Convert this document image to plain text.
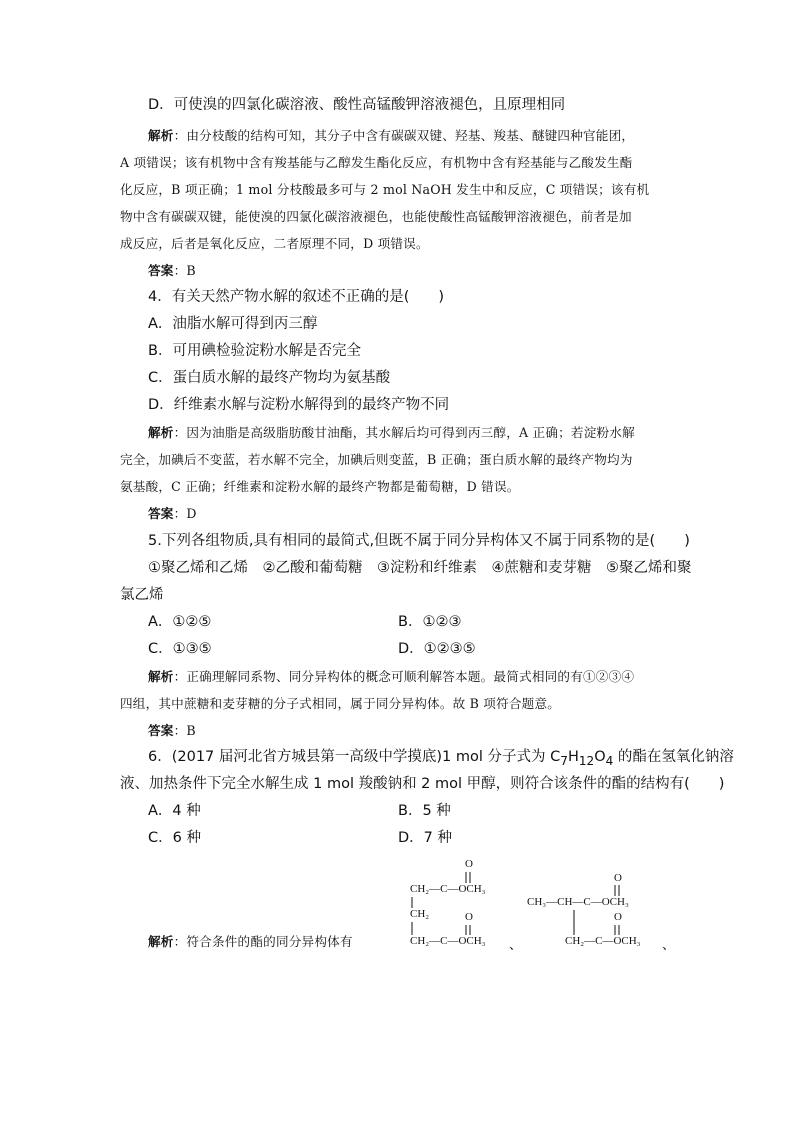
D．可使溴的四氯化碳溶液、酸性高锰酸钾溶液褪色，且原理相同
解析：由分枝酸的结构可知，其分子中含有碳碳双键、羟基、羧基、醚键四种官能团，
A 项错误；该有机物中含有羧基能与乙醇发生酯化反应，有机物中含有羟基能与乙酸发生酯
化反应，B 项正确；1 mol 分枝酸最多可与 2 mol NaOH 发生中和反应，C 项错误；该有机
物中含有碳碳双键，能使溴的四氯化碳溶液褪色，也能使酸性高锰酸钾溶液褪色，前者是加
成反应，后者是氧化反应，二者原理不同，D 项错误。
答案：B
4．有关天然产物水解的叙述不正确的是(　　)
A．油脂水解可得到丙三醇
B．可用碘检验淀粉水解是否完全
C．蛋白质水解的最终产物均为氨基酸
D．纤维素水解与淀粉水解得到的最终产物不同
解析：因为油脂是高级脂肪酸甘油酯，其水解后均可得到丙三醇，A 正确；若淀粉水解
完全，加碘后不变蓝，若水解不完全，加碘后则变蓝，B 正确；蛋白质水解的最终产物均为
氨基酸，C 正确；纤维素和淀粉水解的最终产物都是葡萄糖，D 错误。
答案：D
5.下列各组物质,具有相同的最简式,但既不属于同分异构体又不属于同系物的是(　　)
①聚乙烯和乙烯　②乙酸和葡萄糖　③淀粉和纤维素　④蔗糖和麦芽糖　⑤聚乙烯和聚
氯乙烯
A．①②⑤	B．①②③
C．①③⑤	D．①②③⑤
解析：正确理解同系物、同分异构体的概念可顺利解答本题。最简式相同的有①②③④
四组，其中蔗糖和麦芽糖的分子式相同，属于同分异构体。故 B 项符合题意。
答案：B
6．(2017 届河北省方城县第一高级中学摸底)1 mol 分子式为 $C_7H_{12}O_4$ 的酯在氢氧化钠溶
液、加热条件下完全水解生成 1 mol 羧酸钠和 2 mol 甲醇，则符合该条件的酯的结构有(　　)
A．4 种	B．5 种
C．6 种	D．7 种
解析：符合条件的酯的同分异构体有
O
CH₂—C—OCH₃
CH₂	O
CH₂—C—OCH₃ 、
O
CH₃—CH—C—OCH₃
O
CH₂—C—OCH₃ 、
